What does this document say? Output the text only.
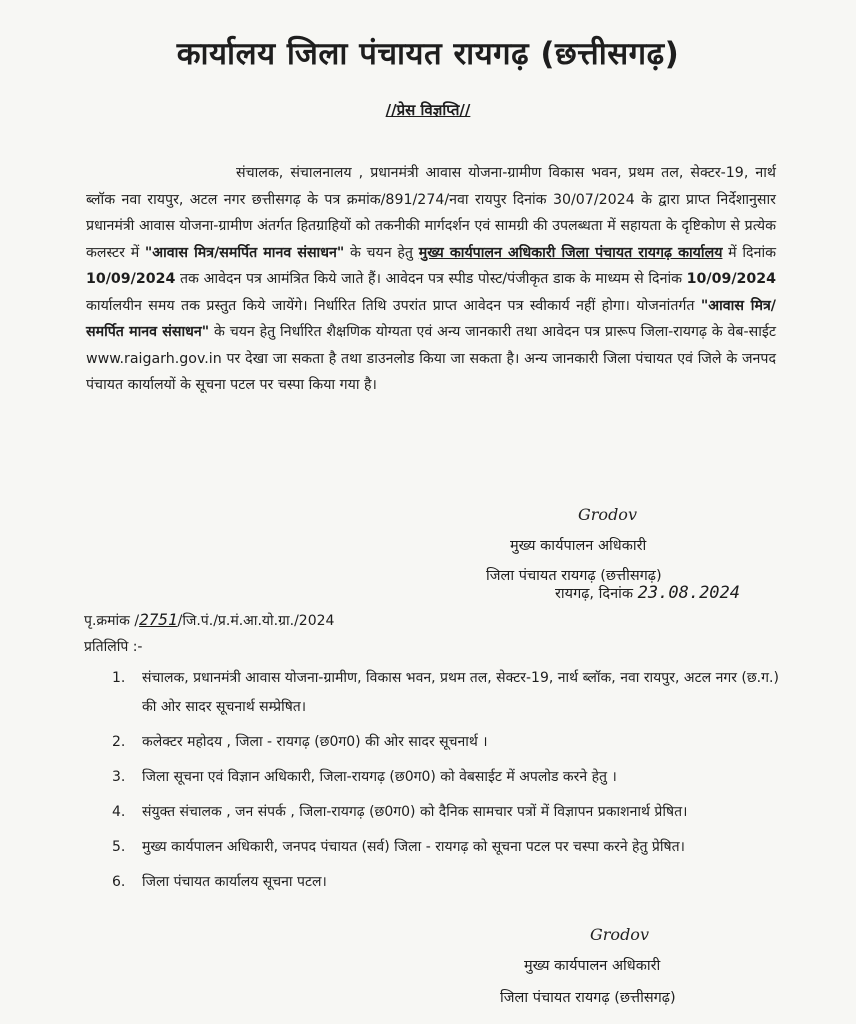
कार्यालय जिला पंचायत रायगढ़ (छत्तीसगढ़)
//प्रेस विज्ञप्ति//

संचालक, संचालनालय , प्रधानमंत्री आवास योजना-ग्रामीण विकास भवन, प्रथम तल, सेक्टर-19, नार्थ ब्लॉक नवा रायपुर, अटल नगर छत्तीसगढ़ के पत्र क्रमांक/891/274/नवा रायपुर दिनांक 30/07/2024 के द्वारा प्राप्त निर्देशानुसार प्रधानमंत्री आवास योजना-ग्रामीण अंतर्गत हितग्राहियों को तकनीकी मार्गदर्शन एवं सामग्री की उपलब्धता में सहायता के दृष्टिकोण से प्रत्येक कलस्टर में "आवास मित्र/समर्पित मानव संसाधन" के चयन हेतु मुख्य कार्यपालन अधिकारी जिला पंचायत रायगढ़ कार्यालय में दिनांक 10/09/2024 तक आवेदन पत्र आमंत्रित किये जाते हैं। आवेदन पत्र स्पीड पोस्ट/पंजीकृत डाक के माध्यम से दिनांक 10/09/2024 कार्यालयीन समय तक प्रस्तुत किये जायेंगे। निर्धारित तिथि उपरांत प्राप्त आवेदन पत्र स्वीकार्य नहीं होगा। योजनांतर्गत "आवास मित्र/समर्पित मानव संसाधन" के चयन हेतु निर्धारित शैक्षणिक योग्यता एवं अन्य जानकारी तथा आवेदन पत्र प्रारूप जिला-रायगढ़ के वेब-साईट www.raigarh.gov.in पर देखा जा सकता है तथा डाउनलोड किया जा सकता है। अन्य जानकारी जिला पंचायत एवं जिले के जनपद पंचायत कार्यालयों के सूचना पटल पर चस्पा किया गया है।

Grodov
मुख्य कार्यपालन अधिकारी
जिला पंचायत रायगढ़ (छत्तीसगढ़)
रायगढ़, दिनांक 23.08.2024
पृ.क्रमांक /2751/जि.पं./प्र.मं.आ.यो.ग्रा./2024
प्रतिलिपि :-
1.	संचालक, प्रधानमंत्री आवास योजना-ग्रामीण, विकास भवन, प्रथम तल, सेक्टर-19, नार्थ ब्लॉक, नवा रायपुर, अटल नगर (छ.ग.) की ओर सादर सूचनार्थ सम्प्रेषित।
2.	कलेक्टर महोदय , जिला - रायगढ़ (छ0ग0) की ओर सादर सूचनार्थ ।
3.	जिला सूचना एवं विज्ञान अधिकारी, जिला-रायगढ़ (छ0ग0) को वेबसाईट में अपलोड करने हेतु ।
4.	संयुक्त संचालक , जन संपर्क , जिला-रायगढ़ (छ0ग0) को दैनिक सामचार पत्रों में विज्ञापन प्रकाशनार्थ प्रेषित।
5.	मुख्य कार्यपालन अधिकारी, जनपद पंचायत (सर्व) जिला - रायगढ़ को सूचना पटल पर चस्पा करने हेतु प्रेषित।
6.	जिला पंचायत कार्यालय सूचना पटल।
Grodov
मुख्य कार्यपालन अधिकारी
जिला पंचायत रायगढ़ (छत्तीसगढ़)
